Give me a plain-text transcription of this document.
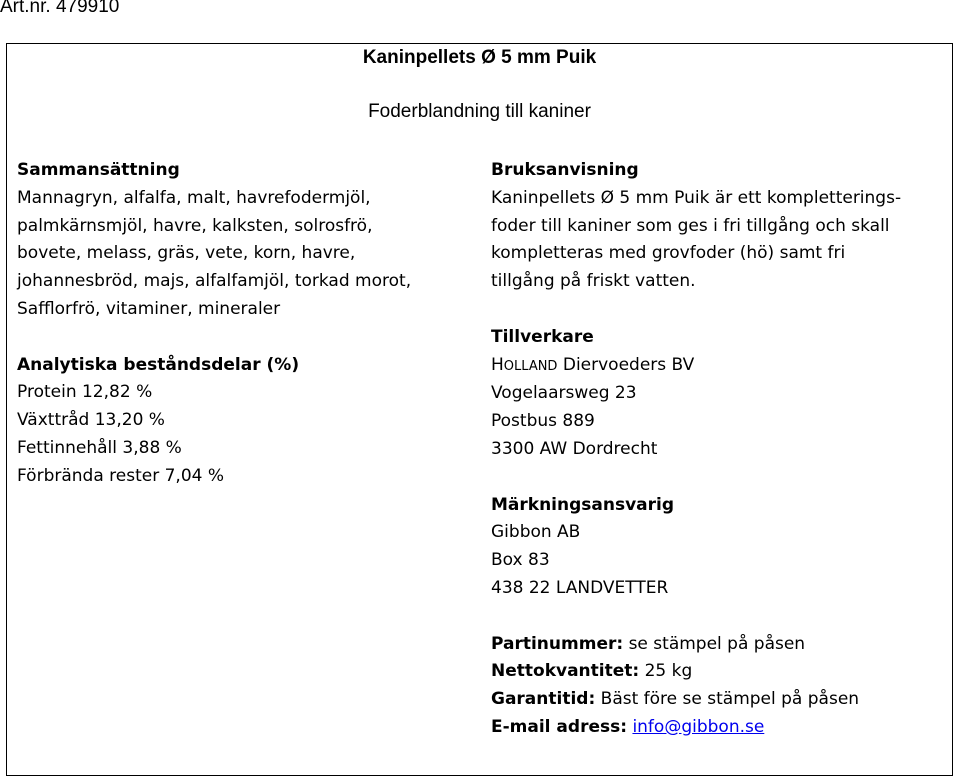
Art.nr. 479910
Kaninpellets Ø 5 mm Puik
Foderblandning till kaniner
Sammansättning
Mannagryn, alfalfa, malt, havrefodermjöl,
palmkärnsmjöl, havre, kalksten, solrosfrö,
bovete, melass, gräs, vete, korn, havre,
johannesbröd, majs, alfalfamjöl, torkad morot,
Safflorfrö, vitaminer, mineraler
Analytiska beståndsdelar (%)
Protein 12,82 %
Växttråd 13,20 %
Fettinnehåll 3,88 %
Förbrända rester 7,04 %
Bruksanvisning
Kaninpellets Ø 5 mm Puik är ett kompletterings-
foder till kaniner som ges i fri tillgång och skall
kompletteras med grovfoder (hö) samt fri
tillgång på friskt vatten.
Tillverkare
HOLLAND Diervoeders BV
Vogelaarsweg 23
Postbus 889
3300 AW Dordrecht
Märkningsansvarig
Gibbon AB
Box 83
438 22 LANDVETTER
Partinummer: se stämpel på påsen
Nettokvantitet: 25 kg
Garantitid: Bäst före se stämpel på påsen
E-mail adress: info@gibbon.se
